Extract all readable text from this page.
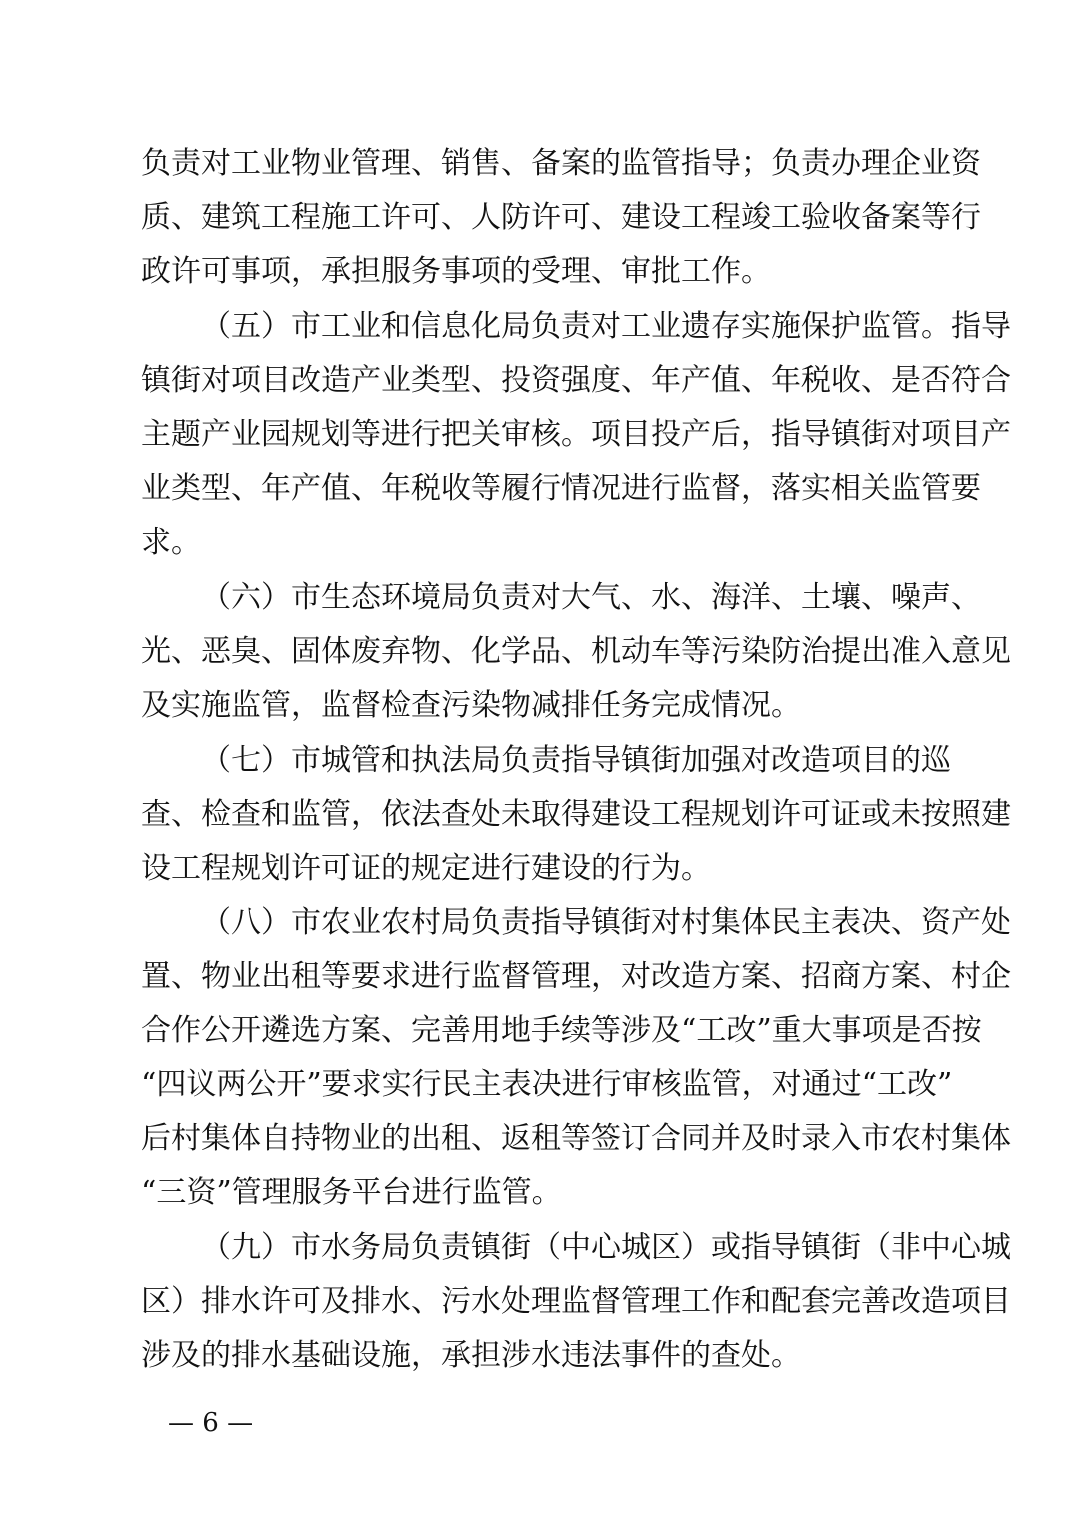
负责对工业物业管理、销售、备案的监管指导；负责办理企业资
质、建筑工程施工许可、人防许可、建设工程竣工验收备案等行
政许可事项，承担服务事项的受理、审批工作。
（五）市工业和信息化局负责对工业遗存实施保护监管。指导
镇街对项目改造产业类型、投资强度、年产值、年税收、是否符合
主题产业园规划等进行把关审核。项目投产后，指导镇街对项目产
业类型、年产值、年税收等履行情况进行监督，落实相关监管要
求。
（六）市生态环境局负责对大气、水、海洋、土壤、噪声、
光、恶臭、固体废弃物、化学品、机动车等污染防治提出准入意见
及实施监管，监督检查污染物减排任务完成情况。
（七）市城管和执法局负责指导镇街加强对改造项目的巡
查、检查和监管，依法查处未取得建设工程规划许可证或未按照建
设工程规划许可证的规定进行建设的行为。
（八）市农业农村局负责指导镇街对村集体民主表决、资产处
置、物业出租等要求进行监督管理，对改造方案、招商方案、村企
合作公开遴选方案、完善用地手续等涉及“工改”重大事项是否按
“四议两公开”要求实行民主表决进行审核监管，对通过“工改”
后村集体自持物业的出租、返租等签订合同并及时录入市农村集体
“三资”管理服务平台进行监管。
（九）市水务局负责镇街（中心城区）或指导镇街（非中心城
区）排水许可及排水、污水处理监督管理工作和配套完善改造项目
涉及的排水基础设施，承担涉水违法事件的查处。
— 6 —
